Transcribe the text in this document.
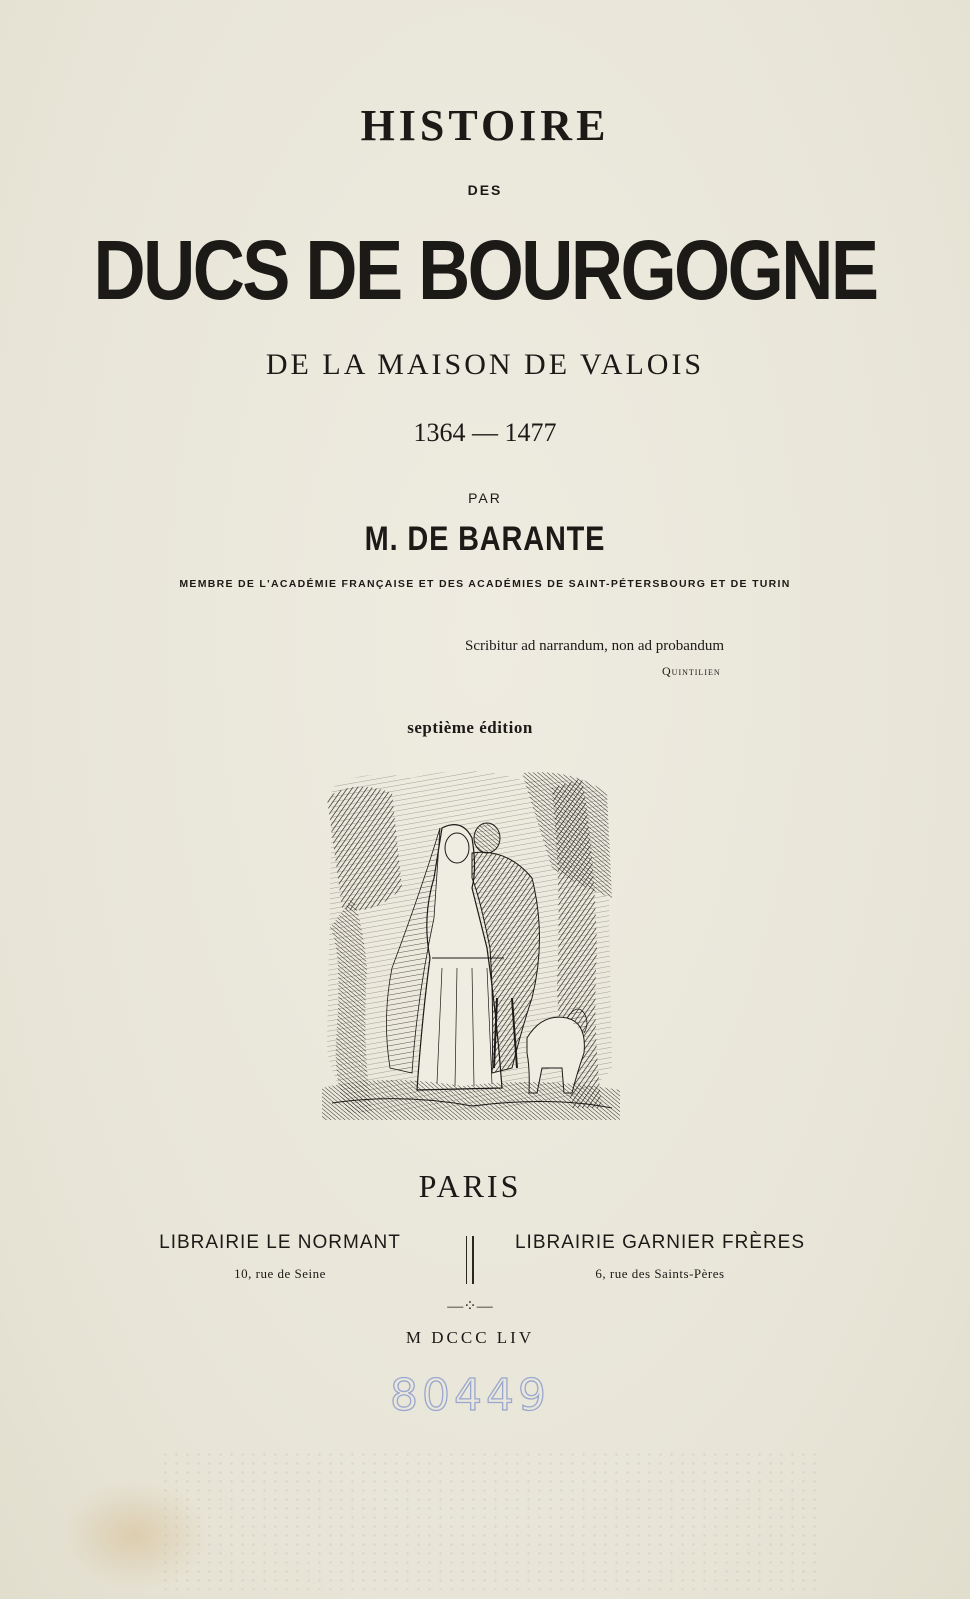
HISTOIRE
DES
DUCS DE BOURGOGNE
DE LA MAISON DE VALOIS
1364 — 1477
PAR
M. DE BARANTE
MEMBRE DE L'ACADÉMIE FRANÇAISE ET DES ACADÉMIES DE SAINT-PÉTERSBOURG ET DE TURIN
Scribitur ad narrandum, non ad probandum
Quintilien
septième édition
PARIS
LIBRAIRIE LE NORMANT
10, rue de Seine
LIBRAIRIE GARNIER FRÈRES
6, rue des Saints-Pères
—⁘—
M DCCC LIV
80449
